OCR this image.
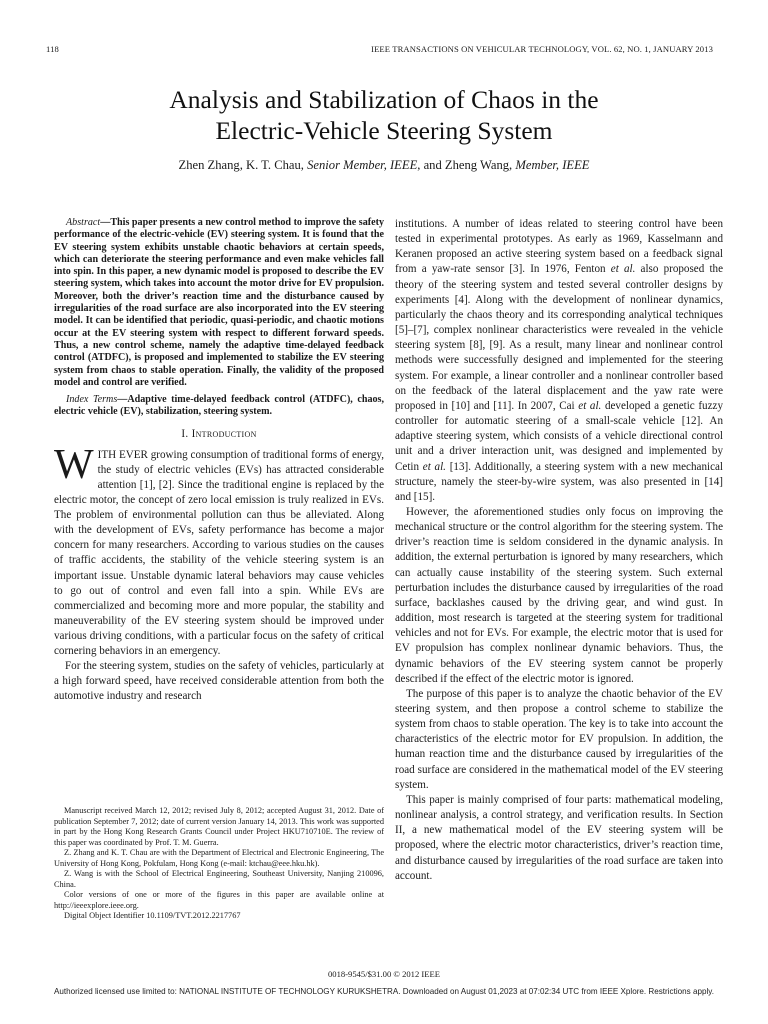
118	IEEE TRANSACTIONS ON VEHICULAR TECHNOLOGY, VOL. 62, NO. 1, JANUARY 2013
Analysis and Stabilization of Chaos in the
Electric-Vehicle Steering System
Zhen Zhang, K. T. Chau, Senior Member, IEEE, and Zheng Wang, Member, IEEE

Abstract—This paper presents a new control method to improve the safety performance of the electric-vehicle (EV) steering system. It is found that the EV steering system exhibits unstable chaotic behaviors at certain speeds, which can deteriorate the steering performance and even make vehicles fall into spin. In this paper, a new dynamic model is proposed to describe the EV steering system, which takes into account the motor drive for EV propulsion. Moreover, both the driver’s reaction time and the disturbance caused by irregularities of the road surface are also incorporated into the EV steering model. It can be identified that periodic, quasi-periodic, and chaotic motions occur at the EV steering system with respect to different forward speeds. Thus, a new control scheme, namely the adaptive time-delayed feedback control (ATDFC), is proposed and implemented to stabilize the EV steering system from chaos to stable operation. Finally, the validity of the proposed model and control are verified.

Index Terms—Adaptive time-delayed feedback control (ATDFC), chaos, electric vehicle (EV), stabilization, steering system.

I. Introduction

WITH EVER growing consumption of traditional forms of energy, the study of electric vehicles (EVs) has attracted considerable attention [1], [2]. Since the traditional engine is replaced by the electric motor, the concept of zero local emission is truly realized in EVs. The problem of environmental pollution can thus be alleviated. Along with the development of EVs, safety performance has become a major concern for many researchers. According to various studies on the causes of traffic accidents, the stability of the vehicle steering system is an important issue. Unstable dynamic lateral behaviors may cause vehicles to go out of control and even fall into a spin. While EVs are commercialized and becoming more and more popular, the stability and maneuverability of the EV steering system should be improved under various driving conditions, with a particular focus on the safety of critical cornering behaviors in an emergency.

For the steering system, studies on the safety of vehicles, particularly at a high forward speed, have received considerable attention from both the automotive industry and research

Manuscript received March 12, 2012; revised July 8, 2012; accepted August 31, 2012. Date of publication September 7, 2012; date of current version January 14, 2013. This work was supported in part by the Hong Kong Research Grants Council under Project HKU710710E. The review of this paper was coordinated by Prof. T. M. Guerra.

Z. Zhang and K. T. Chau are with the Department of Electrical and Electronic Engineering, The University of Hong Kong, Pokfulam, Hong Kong (e-mail: ktchau@eee.hku.hk).

Z. Wang is with the School of Electrical Engineering, Southeast University, Nanjing 210096, China.

Color versions of one or more of the figures in this paper are available online at http://ieeexplore.ieee.org.

Digital Object Identifier 10.1109/TVT.2012.2217767

institutions. A number of ideas related to steering control have been tested in experimental prototypes. As early as 1969, Kasselmann and Keranen proposed an active steering system based on a feedback signal from a yaw-rate sensor [3]. In 1976, Fenton et al. also proposed the theory of the steering system and tested several controller designs by experiments [4]. Along with the development of nonlinear dynamics, particularly the chaos theory and its corresponding analytical techniques [5]–[7], complex nonlinear characteristics were revealed in the vehicle steering system [8], [9]. As a result, many linear and nonlinear control methods were successfully designed and implemented for the steering system. For example, a linear controller and a nonlinear controller based on the feedback of the lateral displacement and the yaw rate were proposed in [10] and [11]. In 2007, Cai et al. developed a genetic fuzzy controller for automatic steering of a small-scale vehicle [12]. An adaptive steering system, which consists of a vehicle directional control unit and a driver interaction unit, was designed and implemented by Cetin et al. [13]. Additionally, a steering system with a new mechanical structure, namely the steer-by-wire system, was also presented in [14] and [15].

However, the aforementioned studies only focus on improving the mechanical structure or the control algorithm for the steering system. The driver’s reaction time is seldom considered in the dynamic analysis. In addition, the external perturbation is ignored by many researchers, which can actually cause instability of the steering system. Such external perturbation includes the disturbance caused by irregularities of the road surface, backlashes caused by the driving gear, and wind gust. In addition, most research is targeted at the steering system for traditional vehicles and not for EVs. For example, the electric motor that is used for EV propulsion has complex nonlinear dynamic behaviors. Thus, the dynamic behaviors of the EV steering system cannot be properly described if the effect of the electric motor is ignored.

The purpose of this paper is to analyze the chaotic behavior of the EV steering system, and then propose a control scheme to stabilize the system from chaos to stable operation. The key is to take into account the characteristics of the electric motor for EV propulsion. In addition, the human reaction time and the disturbance caused by irregularities of the road surface are considered in the mathematical model of the EV steering system.

This paper is mainly comprised of four parts: mathematical modeling, nonlinear analysis, a control strategy, and verification results. In Section II, a new mathematical model of the EV steering system will be proposed, where the electric motor characteristics, driver’s reaction time, and disturbance caused by irregularities of the road surface are taken into account.

0018-9545/$31.00 © 2012 IEEE
Authorized licensed use limited to: NATIONAL INSTITUTE OF TECHNOLOGY KURUKSHETRA. Downloaded on August 01,2023 at 07:02:34 UTC from IEEE Xplore. Restrictions apply.
